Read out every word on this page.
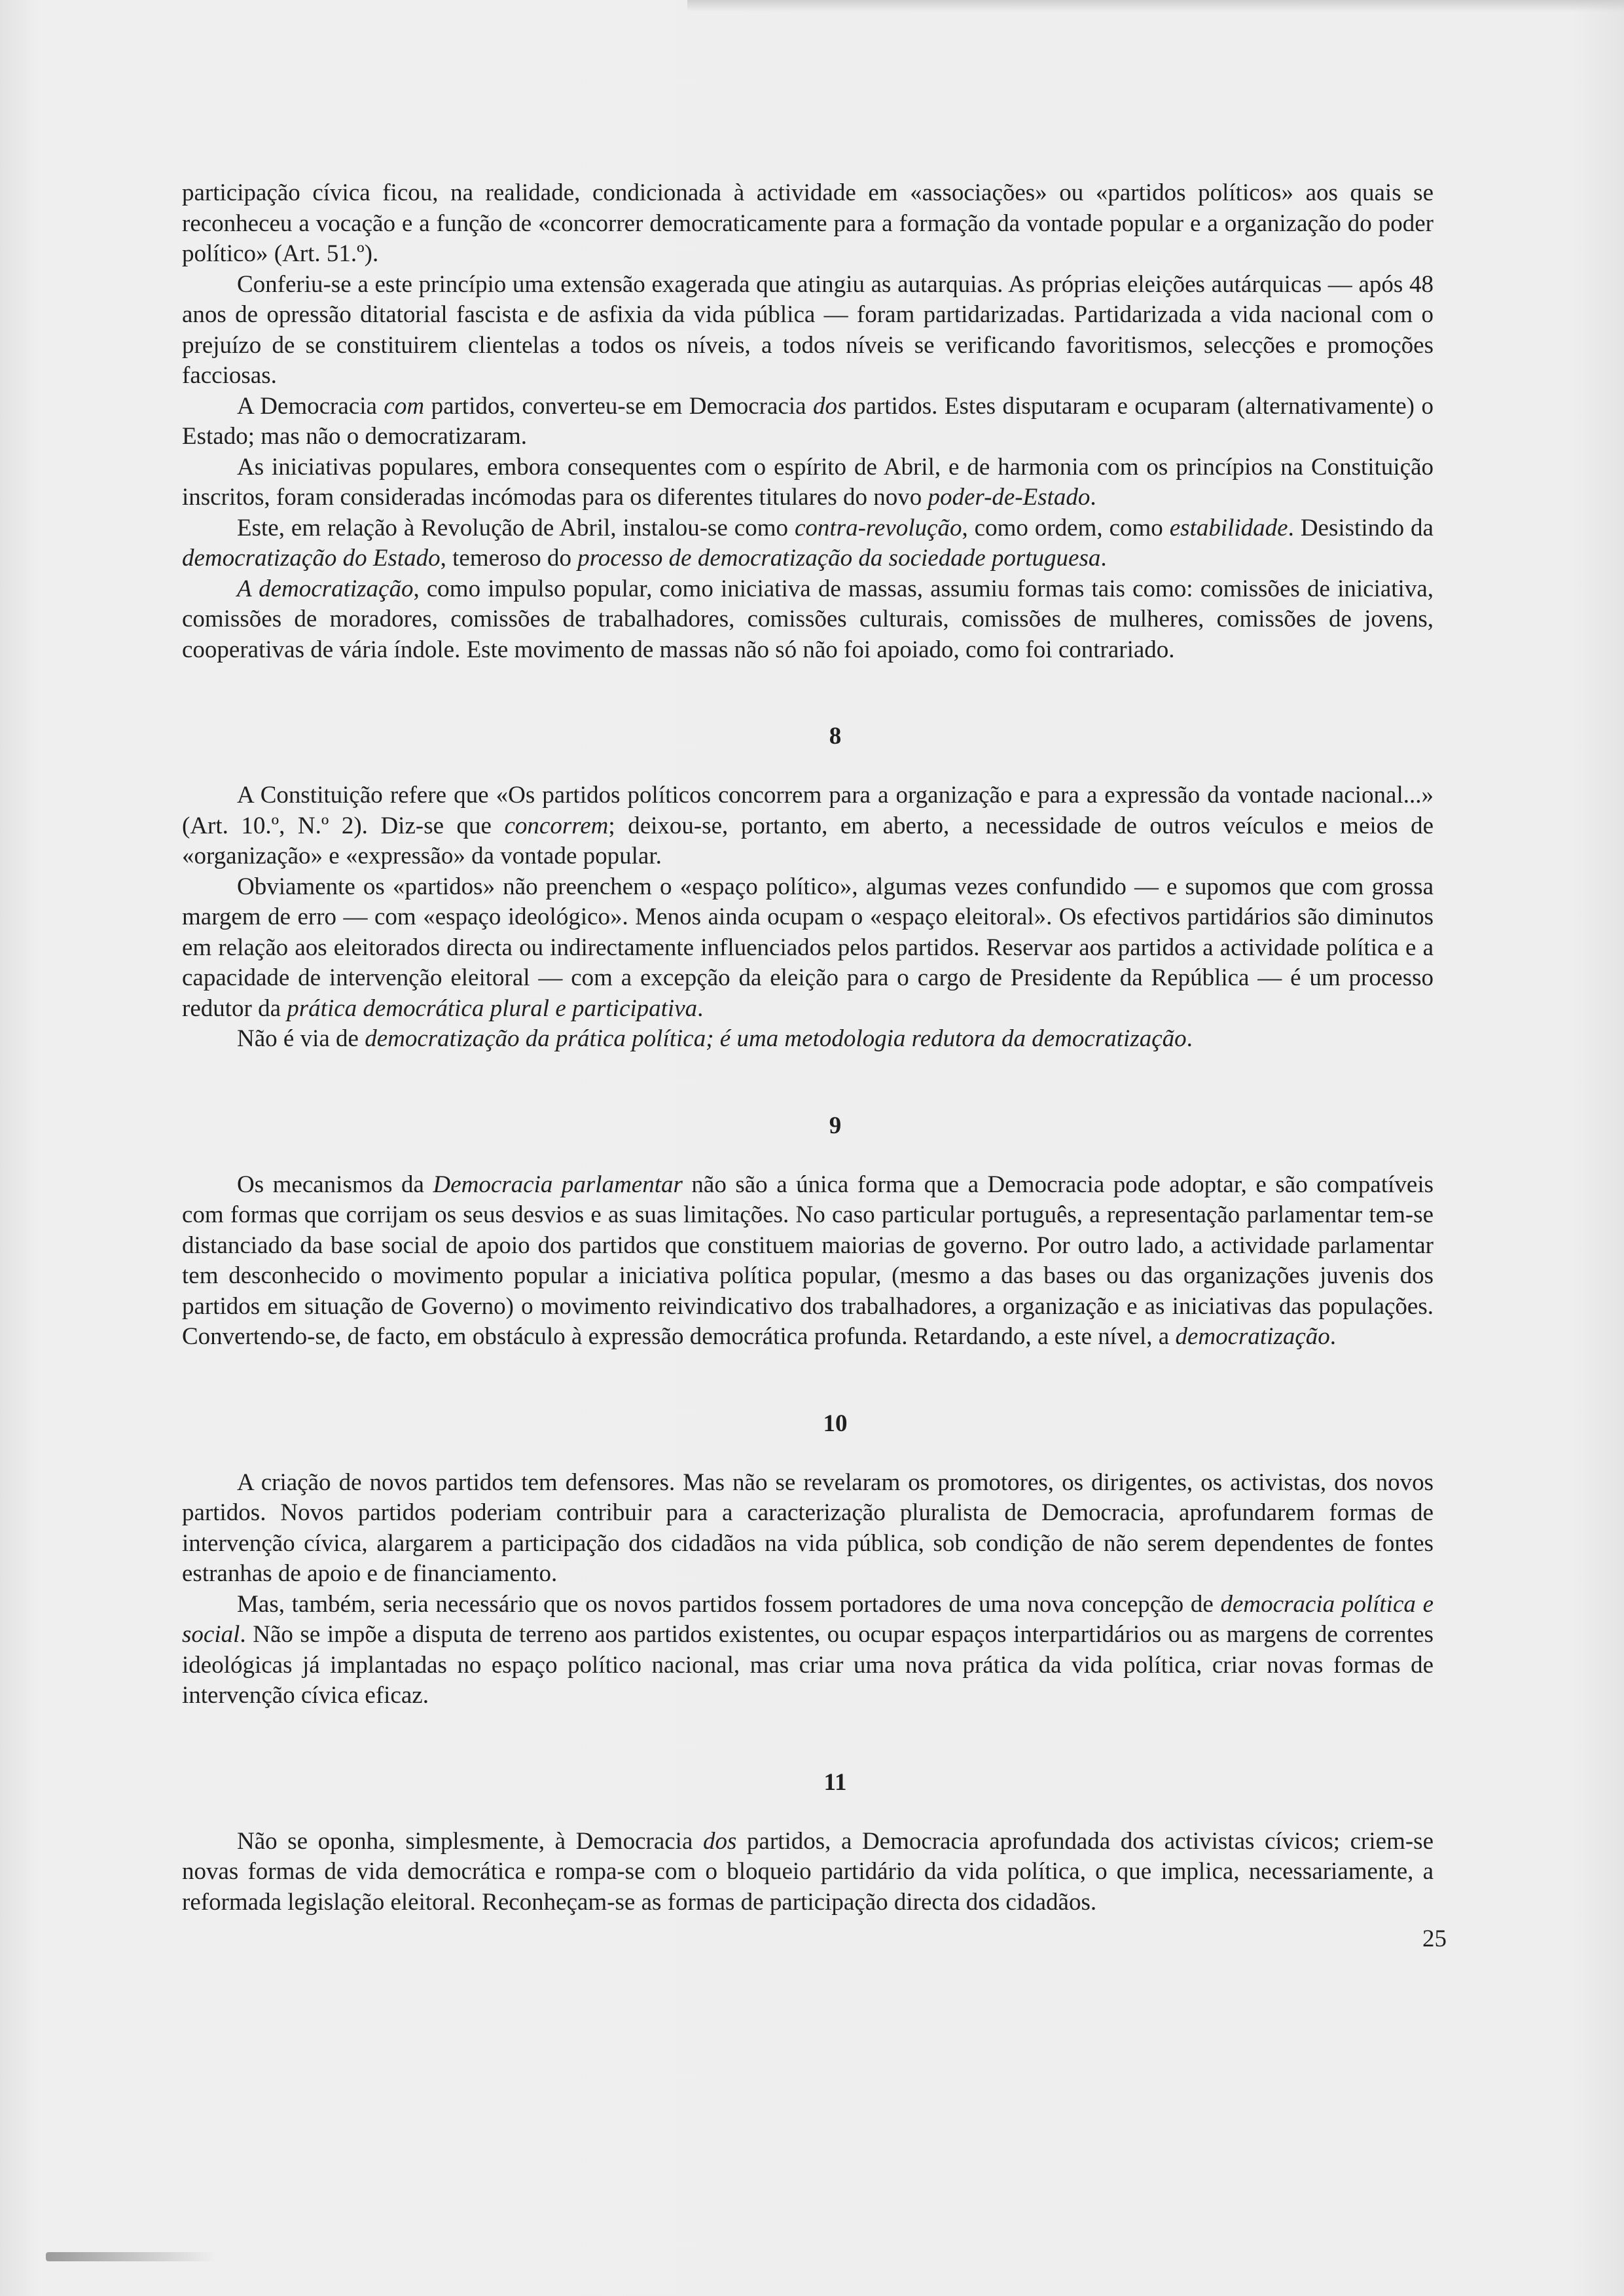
participação cívica ficou, na realidade, condicionada à actividade em «associações» ou «partidos políticos» aos quais se reconheceu a vocação e a função de «concorrer democraticamente para a formação da vontade popular e a organização do poder político» (Art. 51.º).

Conferiu-se a este princípio uma extensão exagerada que atingiu as autarquias. As próprias eleições autárquicas — após 48 anos de opressão ditatorial fascista e de asfixia da vida pública — foram partidarizadas. Partidarizada a vida nacional com o prejuízo de se constituirem clientelas a todos os níveis, a todos níveis se verificando favoritismos, selecções e promoções facciosas.

A Democracia com partidos, converteu-se em Democracia dos partidos. Estes disputaram e ocuparam (alternativamente) o Estado; mas não o democratizaram.

As iniciativas populares, embora consequentes com o espírito de Abril, e de harmonia com os princípios na Constituição inscritos, foram consideradas incómodas para os diferentes titulares do novo poder-de-Estado.

Este, em relação à Revolução de Abril, instalou-se como contra-revolução, como ordem, como estabilidade. Desistindo da democratização do Estado, temeroso do processo de democratização da sociedade portuguesa.

A democratização, como impulso popular, como iniciativa de massas, assumiu formas tais como: comissões de iniciativa, comissões de moradores, comissões de trabalhadores, comissões culturais, comissões de mulheres, comissões de jovens, cooperativas de vária índole. Este movimento de massas não só não foi apoiado, como foi contrariado.

8

A Constituição refere que «Os partidos políticos concorrem para a organização e para a expressão da vontade nacional...» (Art. 10.º, N.º 2). Diz-se que concorrem; deixou-se, portanto, em aberto, a necessidade de outros veículos e meios de «organização» e «expressão» da vontade popular.

Obviamente os «partidos» não preenchem o «espaço político», algumas vezes confundido — e supomos que com grossa margem de erro — com «espaço ideológico». Menos ainda ocupam o «espaço eleitoral». Os efectivos partidários são diminutos em relação aos eleitorados directa ou indirectamente influenciados pelos partidos. Reservar aos partidos a actividade política e a capacidade de intervenção eleitoral — com a excepção da eleição para o cargo de Presidente da República — é um processo redutor da prática democrática plural e participativa.

Não é via de democratização da prática política; é uma metodologia redutora da democratização.

9

Os mecanismos da Democracia parlamentar não são a única forma que a Democracia pode adoptar, e são compatíveis com formas que corrijam os seus desvios e as suas limitações. No caso particular português, a representação parlamentar tem-se distanciado da base social de apoio dos partidos que constituem maiorias de governo. Por outro lado, a actividade parlamentar tem desconhecido o movimento popular a iniciativa política popular, (mesmo a das bases ou das organizações juvenis dos partidos em situação de Governo) o movimento reivindicativo dos trabalhadores, a organização e as iniciativas das populações. Convertendo-se, de facto, em obstáculo à expressão democrática profunda. Retardando, a este nível, a democratização.

10

A criação de novos partidos tem defensores. Mas não se revelaram os promotores, os dirigentes, os activistas, dos novos partidos. Novos partidos poderiam contribuir para a caracterização pluralista de Democracia, aprofundarem formas de intervenção cívica, alargarem a participação dos cidadãos na vida pública, sob condição de não serem dependentes de fontes estranhas de apoio e de financiamento.

Mas, também, seria necessário que os novos partidos fossem portadores de uma nova concepção de democracia política e social. Não se impõe a disputa de terreno aos partidos existentes, ou ocupar espaços interpartidários ou as margens de correntes ideológicas já implantadas no espaço político nacional, mas criar uma nova prática da vida política, criar novas formas de intervenção cívica eficaz.

11

Não se oponha, simplesmente, à Democracia dos partidos, a Democracia aprofundada dos activistas cívicos; criem-se novas formas de vida democrática e rompa-se com o bloqueio partidário da vida política, o que implica, necessariamente, a reformada legislação eleitoral. Reconheçam-se as formas de participação directa dos cidadãos.

25
